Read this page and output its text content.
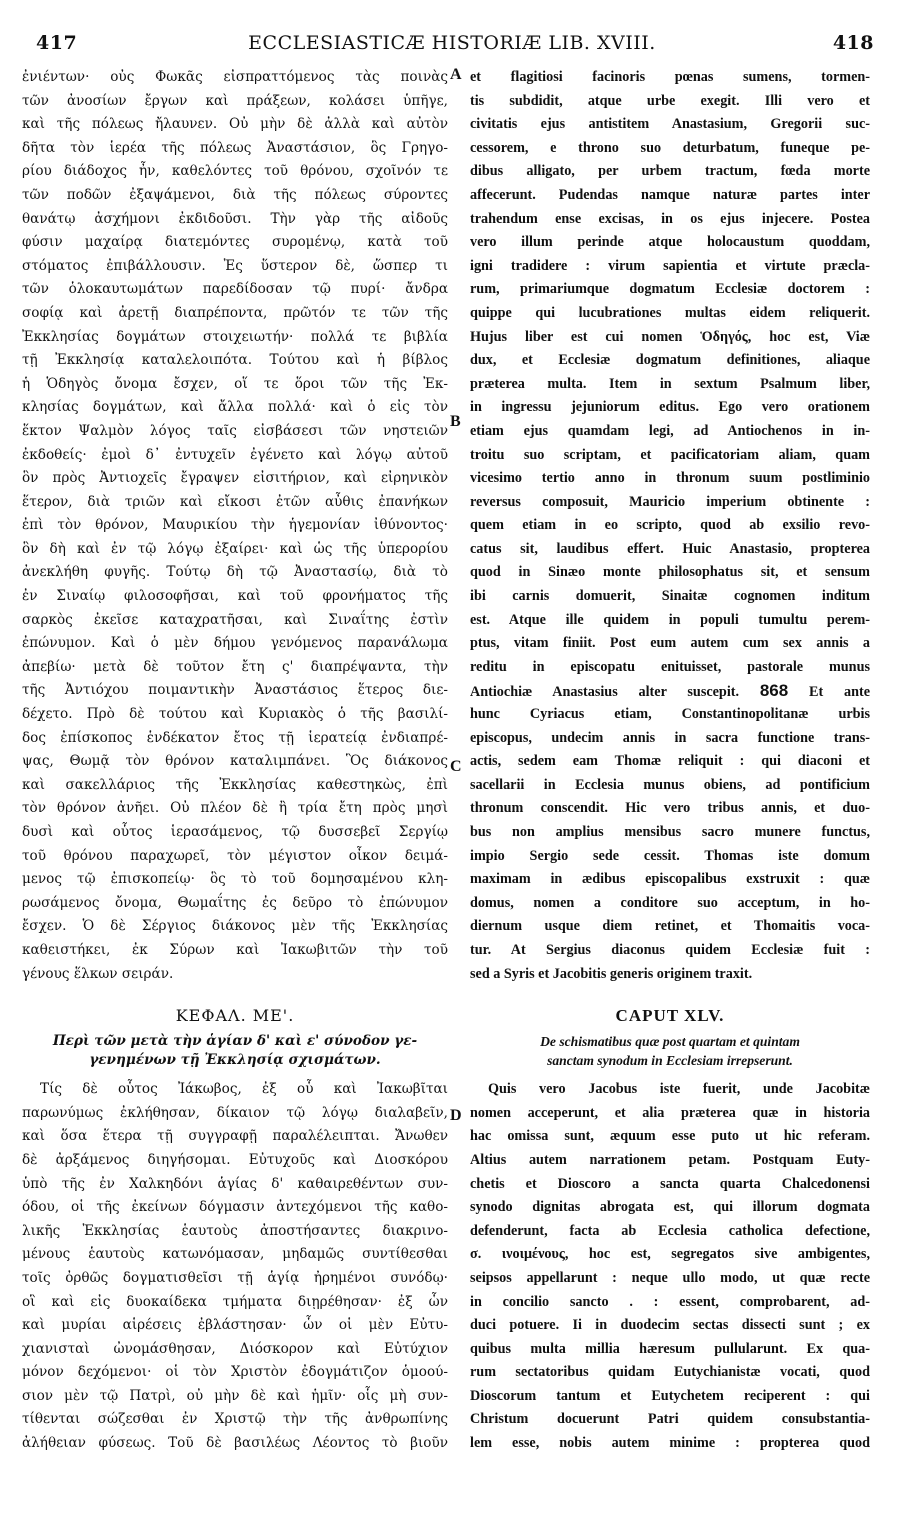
417	ECCLESIASTICÆ HISTORIÆ LIB. XVIII.	418
A
B
C
D
ἐνιέντων· οὐς Φωκᾶς εἰσπραττόμενος τὰς ποινὰς
τῶν ἀνοσίων ἔργων καὶ πράξεων, κολάσει ὑπῆγε,
καὶ τῆς πόλεως ἤλαυνεν. Οὐ μὴν δὲ ἀλλὰ καὶ αὐτὸν
δῆτα τὸν ἱερέα τῆς πόλεως Ἀναστάσιον, ὃς Γρηγο-
ρίου διάδοχος ἦν, καθελόντες τοῦ θρόνου, σχοῖνόν τε
τῶν ποδῶν ἐξαψάμενοι, διὰ τῆς πόλεως σύροντες
θανάτῳ ἀσχήμονι ἐκδιδοῦσι. Τὴν γὰρ τῆς αἰδοῦς
φύσιν μαχαίρᾳ διατεμόντες συρομένῳ, κατὰ τοῦ
στόματος ἐπιβάλλουσιν. Ἐς ὕστερον δὲ, ὥσπερ τι
τῶν ὁλοκαυτωμάτων παρεδίδοσαν τῷ πυρί· ἄνδρα
σοφίᾳ καὶ ἀρετῇ διαπρέποντα, πρῶτόν τε τῶν τῆς
Ἐκκλησίας δογμάτων στοιχειωτήν· πολλά τε βιβλία
τῇ Ἐκκλησίᾳ καταλελοιπότα. Τούτου καὶ ἡ βίβλος
ἡ Ὁδηγὸς ὄνομα ἔσχεν, οἵ τε ὅροι τῶν τῆς Ἐκ-
κλησίας δογμάτων, καὶ ἄλλα πολλά· καὶ ὁ εἰς τὸν
ἕκτον Ψαλμὸν λόγος ταῖς εἰσβάσεσι τῶν νηστειῶν
ἐκδοθείς· ἐμοὶ δ᾽ ἐντυχεῖν ἐγένετο καὶ λόγῳ αὐτοῦ
ὃν πρὸς Ἀντιοχεῖς ἔγραψεν εἰσιτήριον, καὶ εἰρηνικὸν
ἕτερον, διὰ τριῶν καὶ εἴκοσι ἐτῶν αὖθις ἐπανήκων
ἐπὶ τὸν θρόνον, Μαυρικίου τὴν ἡγεμονίαν ἰθύνοντος·
ὃν δὴ καὶ ἐν τῷ λόγῳ ἐξαίρει· καὶ ὡς τῆς ὑπερορίου
ἀνεκλήθη φυγῆς. Τούτῳ δὴ τῷ Ἀναστασίῳ, διὰ τὸ
ἐν Σιναίῳ φιλοσοφῆσαι, καὶ τοῦ φρονήματος τῆς
σαρκὸς ἐκεῖσε καταχρατῆσαι, καὶ Σιναΐτης ἐστὶν
ἐπώνυμον. Καὶ ὁ μὲν δήμου γενόμενος παρανάλωμα
ἀπεβίω· μετὰ δὲ τοῦτον ἔτη ς' διαπρέψαντα, τὴν
τῆς Ἀντιόχου ποιμαντικὴν Ἀναστάσιος ἕτερος διε-
δέχετο. Πρὸ δὲ τούτου καὶ Κυριακὸς ὁ τῆς βασιλί-
δος ἐπίσκοπος ἑνδέκατον ἔτος τῇ ἱερατείᾳ ἐνδιαπρέ-
ψας, Θωμᾷ τὸν θρόνον καταλιμπάνει. Ὃς διάκονος
καὶ σακελλάριος τῆς Ἐκκλησίας καθεστηκὼς, ἐπὶ
τὸν θρόνον ἀνῆει. Οὐ πλέον δὲ ἢ τρία ἔτη πρὸς μησὶ
δυσὶ καὶ οὗτος ἱερασάμενος, τῷ δυσσεβεῖ Σεργίῳ
τοῦ θρόνου παραχωρεῖ, τὸν μέγιστον οἶκον δειμά-
μενος τῷ ἐπισκοπείῳ· ὃς τὸ τοῦ δομησαμένου κλη-
ρωσάμενος ὄνομα, Θωμαΐτης ἐς δεῦρο τὸ ἐπώνυμον
ἔσχεν. Ὁ δὲ Σέργιος διάκονος μὲν τῆς Ἐκκλησίας
καθειστήκει, ἐκ Σύρων καὶ Ἰακωβιτῶν τὴν τοῦ
γένους ἕλκων σειράν.
ΚΕΦΑΛ. ΜΕ'.
Περὶ τῶν μετὰ τὴν ἁγίαν δ' καὶ ε' σύνοδον γε-
γενημένων τῇ Ἐκκλησίᾳ σχισμάτων.
Τίς δὲ οὗτος Ἰάκωβος, ἐξ οὗ καὶ Ἰακωβῖται
παρωνύμως ἐκλήθησαν, δίκαιον τῷ λόγῳ διαλαβεῖν,
καὶ ὅσα ἕτερα τῇ συγγραφῇ παραλέλειπται. Ἄνωθεν
δὲ ἀρξάμενος διηγήσομαι. Εὐτυχοῦς καὶ Διοσκόρου
ὑπὸ τῆς ἐν Χαλκηδόνι ἁγίας δ' καθαιρεθέντων συν-
όδου, οἱ τῆς ἐκείνων δόγμασιν ἀντεχόμενοι τῆς καθο-
λικῆς Ἐκκλησίας ἑαυτοὺς ἀποστήσαντες διακρινο-
μένους ἑαυτοὺς κατωνόμασαν, μηδαμῶς συντίθεσθαι
τοῖς ὀρθῶς δογματισθεῖσι τῇ ἁγίᾳ ἠρημένοι συνόδῳ·
οἳ καὶ εἰς δυοκαίδεκα τμήματα διῃρέθησαν· ἐξ ὧν
καὶ μυρίαι αἱρέσεις ἐβλάστησαν· ὧν οἱ μὲν Εὐτυ-
χιανισταὶ ὠνομάσθησαν, Διόσκορον καὶ Εὐτύχιον
μόνον δεχόμενοι· οἱ τὸν Χριστὸν ἐδογμάτιζον ὁμοού-
σιον μὲν τῷ Πατρὶ, οὐ μὴν δὲ καὶ ἡμῖν· οἷς μὴ συν-
τίθενται σώζεσθαι ἐν Χριστῷ τὴν τῆς ἀνθρωπίνης
ἀλήθειαν φύσεως. Τοῦ δὲ βασιλέως Λέοντος τὸ βιοῦν
et flagitiosi facinoris pœnas sumens, tormen-
tis subdidit, atque urbe exegit. Illi vero et
civitatis ejus antistitem Anastasium, Gregorii suc-
cessorem, e throno suo deturbatum, funeque pe-
dibus alligato, per urbem tractum, fœda morte
affecerunt. Pudendas namque naturæ partes inter
trahendum ense excisas, in os ejus injecere. Postea
vero illum perinde atque holocaustum quoddam,
igni tradidere : virum sapientia et virtute præcla-
rum, primariumque dogmatum Ecclesiæ doctorem :
quippe qui lucubrationes multas eidem reliquerit.
Hujus liber est cui nomen Ὁδηγός, hoc est, Viæ
dux, et Ecclesiæ dogmatum definitiones, aliaque
præterea multa. Item in sextum Psalmum liber,
in ingressu jejuniorum editus. Ego vero orationem
etiam ejus quamdam legi, ad Antiochenos in in-
troitu suo scriptam, et pacificatoriam aliam, quam
vicesimo tertio anno in thronum suum postliminio
reversus composuit, Mauricio imperium obtinente :
quem etiam in eo scripto, quod ab exsilio revo-
catus sit, laudibus effert. Huic Anastasio, propterea
quod in Sinæo monte philosophatus sit, et sensum
ibi carnis domuerit, Sinaitæ cognomen inditum
est. Atque ille quidem in populi tumultu perem-
ptus, vitam finiit. Post eum autem cum sex annis a
reditu in episcopatu enituisset, pastorale munus
Antiochiæ Anastasius alter suscepit. 868 Et ante
hunc Cyriacus etiam, Constantinopolitanæ urbis
episcopus, undecim annis in sacra functione trans-
actis, sedem eam Thomæ reliquit : qui diaconi et
sacellarii in Ecclesia munus obiens, ad pontificium
thronum conscendit. Hic vero tribus annis, et duo-
bus non amplius mensibus sacro munere functus,
impio Sergio sede cessit. Thomas iste domum
maximam in ædibus episcopalibus exstruxit : quæ
domus, nomen a conditore suo acceptum, in ho-
diernum usque diem retinet, et Thomaitis voca-
tur. At Sergius diaconus quidem Ecclesiæ fuit :
sed a Syris et Jacobitis generis originem traxit.
CAPUT XLV.
De schismatibus quæ post quartam et quintam
sanctam synodum in Ecclesiam irrepserunt.
Quis vero Jacobus iste fuerit, unde Jacobitæ
nomen acceperunt, et alia præterea quæ in historia
hac omissa sunt, æquum esse puto ut hic referam.
Altius autem narrationem petam. Postquam Euty-
chetis et Dioscoro a sancta quarta Chalcedonensi
synodo dignitas abrogata est, qui illorum dogmata
defenderunt, facta ab Ecclesia catholica defectione,
σ. ινοιμένους, hoc est, segregatos sive ambigentes,
seipsos appellarunt : neque ullo modo, ut quæ recte
in concilio sancto . : essent, comprobarent, ad-
duci potuere. Ii in duodecim sectas dissecti sunt ; ex
quibus multa millia hæresum pullularunt. Ex qua-
rum sectatoribus quidam Eutychianistæ vocati, quod
Dioscorum tantum et Eutychetem reciperent : qui
Christum docuerunt Patri quidem consubstantia-
lem esse, nobis autem minime : propterea quod
